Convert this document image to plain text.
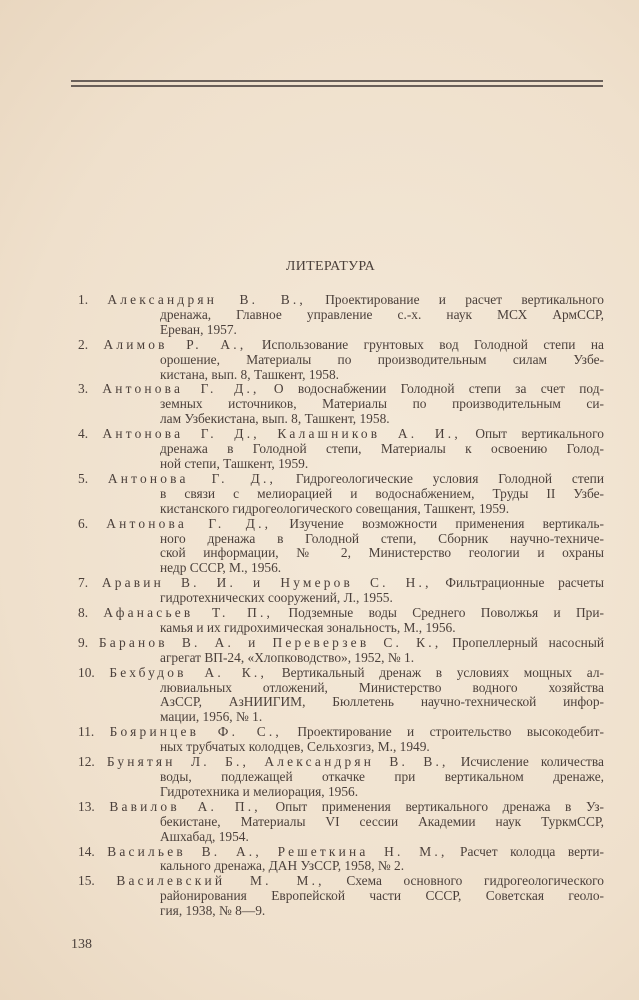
ЛИТЕРАТУРА
1. Александрян В. В., Проектирование и расчет вертикального
дренажа, Главное управление с.-х. наук МСХ АрмССР,
Ереван, 1957.
2. Алимов Р. А., Использование грунтовых вод Голодной степи на
орошение, Материалы по производительным силам Узбе-
кистана, вып. 8, Ташкент, 1958.
3. Антонова Г. Д., О водоснабжении Голодной степи за счет под-
земных источников, Материалы по производительным си-
лам Узбекистана, вып. 8, Ташкент, 1958.
4. Антонова Г. Д., Калашников А. И., Опыт вертикального
дренажа в Голодной степи, Материалы к освоению Голод-
ной степи, Ташкент, 1959.
5. Антонова Г. Д., Гидрогеологические условия Голодной степи
в связи с мелиорацией и водоснабжением, Труды II Узбе-
кистанского гидрогеологического совещания, Ташкент, 1959.
6. Антонова Г. Д., Изучение возможности применения вертикаль-
ного дренажа в Голодной степи, Сборник научно-техниче-
ской информации, № 2, Министерство геологии и охраны
недр СССР, М., 1956.
7. Аравин В. И. и Нумеров С. Н., Фильтрационные расчеты
гидротехнических сооружений, Л., 1955.
8. Афанасьев Т. П., Подземные воды Среднего Поволжья и При-
камья и их гидрохимическая зональность, М., 1956.
9. Баранов В. А. и Переверзев С. К., Пропеллерный насосный
агрегат ВП-24, «Хлопководство», 1952, № 1.
10. Бехбудов А. К., Вертикальный дренаж в условиях мощных ал-
лювиальных отложений, Министерство водного хозяйства
АзССР, АзНИИГИМ, Бюллетень научно-технической инфор-
мации, 1956, № 1.
11. Бояринцев Ф. С., Проектирование и строительство высокодебит-
ных трубчатых колодцев, Сельхозгиз, М., 1949.
12. Бунятян Л. Б., Александрян В. В., Исчисление количества
воды, подлежащей откачке при вертикальном дренаже,
Гидротехника и мелиорация, 1956.
13. Вавилов А. П., Опыт применения вертикального дренажа в Уз-
бекистане, Материалы VI сессии Академии наук ТуркмССР,
Ашхабад, 1954.
14. Васильев В. А., Решеткина Н. М., Расчет колодца верти-
кального дренажа, ДАН УзССР, 1958, № 2.
15. Василевский М. М., Схема основного гидрогеологического
районирования Европейской части СССР, Советская геоло-
гия, 1938, № 8—9.
138
